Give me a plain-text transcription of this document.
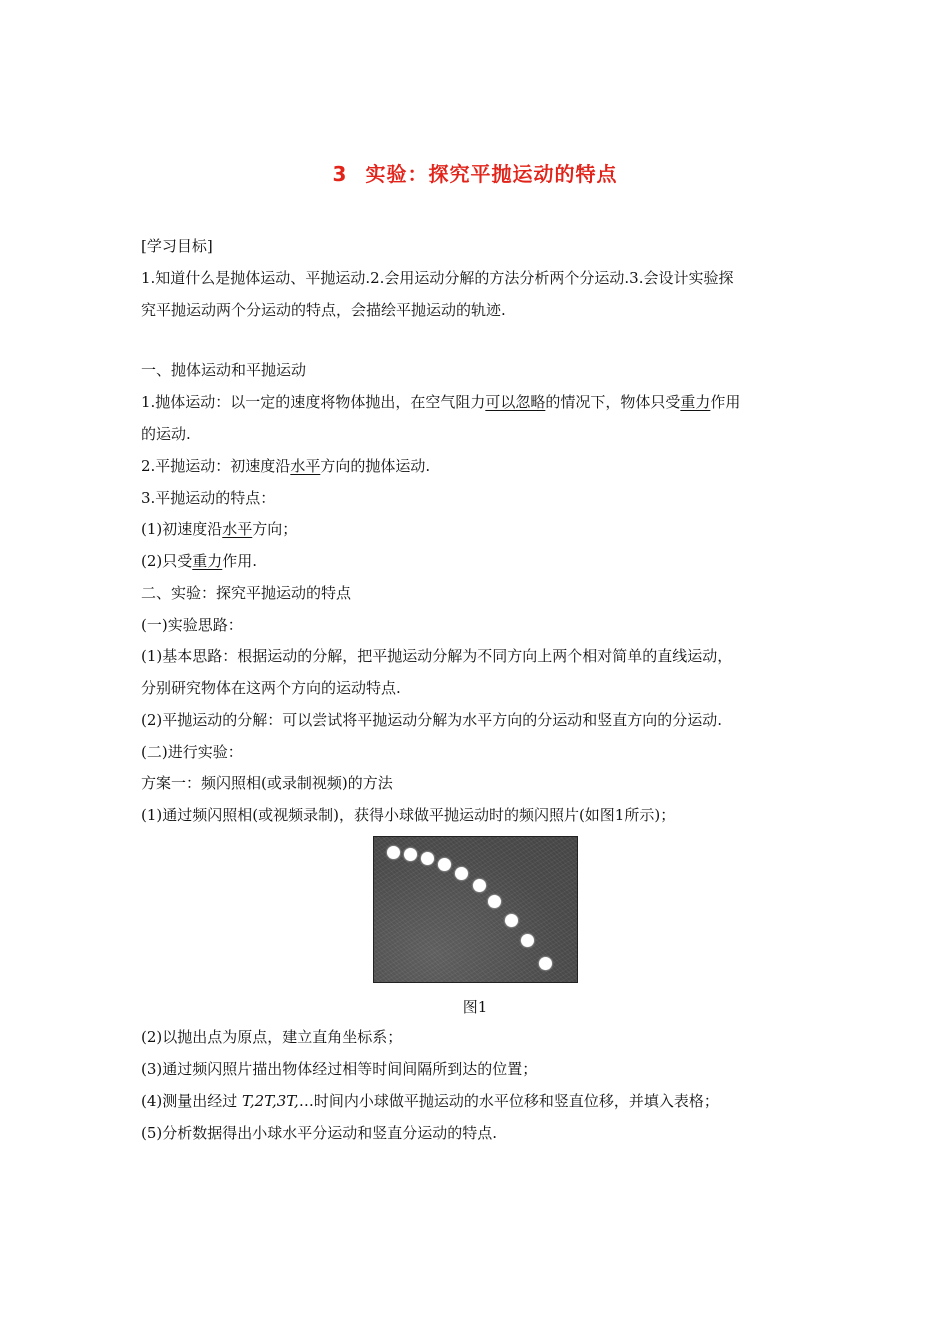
3 实验：探究平抛运动的特点
[学习目标]
1.知道什么是抛体运动、平抛运动.2.会用运动分解的方法分析两个分运动.3.会设计实验探
究平抛运动两个分运动的特点，会描绘平抛运动的轨迹.
一、抛体运动和平抛运动
1.抛体运动：以一定的速度将物体抛出，在空气阻力可以忽略的情况下，物体只受重力作用
的运动.
2.平抛运动：初速度沿水平方向的抛体运动.
3.平抛运动的特点：
(1)初速度沿水平方向；
(2)只受重力作用.
二、实验：探究平抛运动的特点
(一)实验思路：
(1)基本思路：根据运动的分解，把平抛运动分解为不同方向上两个相对简单的直线运动，
分别研究物体在这两个方向的运动特点.
(2)平抛运动的分解：可以尝试将平抛运动分解为水平方向的分运动和竖直方向的分运动.
(二)进行实验：
方案一：频闪照相(或录制视频)的方法
(1)通过频闪照相(或视频录制)，获得小球做平抛运动时的频闪照片(如图1所示)；
图1
(2)以抛出点为原点，建立直角坐标系；
(3)通过频闪照片描出物体经过相等时间间隔所到达的位置；
(4)测量出经过 T,2T,3T,…时间内小球做平抛运动的水平位移和竖直位移，并填入表格；
(5)分析数据得出小球水平分运动和竖直分运动的特点.
